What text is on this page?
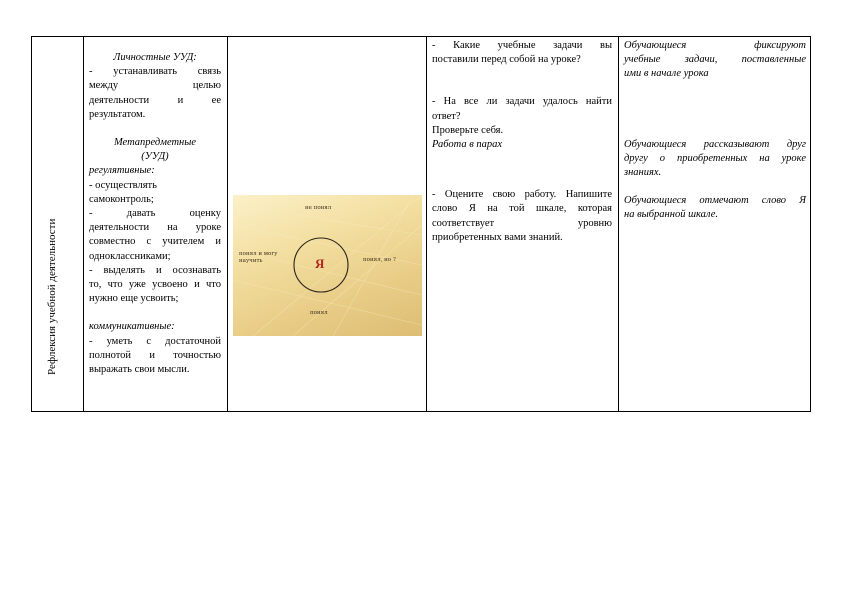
Рефлексия учебной деятельности

Личностные УУД:

- устанавливать связь

между целью

деятельности и ее

результатом.

Метапредметные

(УУД)

регулятивные:

- осуществлять

самоконтроль;

- давать оценку

деятельности на уроке

совместно с учителем и

одноклассниками;

- выделять и осознавать

то, что уже усвоено и что

нужно еще усвоить;

коммуникативные:

- уметь с достаточной

полнотой и точностью

выражать свои мысли.

не понял
понял и могу научить	понял, но ?
понял
Я

- Какие учебные задачи вы

поставили перед собой на уроке?

- На все ли задачи удалось найти

ответ?

Проверьте себя.

Работа в парах

- Оцените свою работу. Напишите

слово Я на той шкале, которая

соответствует уровню

приобретенных вами знаний.

Обучающиеся фиксируют

учебные задачи, поставленные

ими в начале урока

Обучающиеся рассказывают друг

другу о приобретенных на уроке

знаниях.

Обучающиеся отмечают слово Я

на выбранной шкале.
